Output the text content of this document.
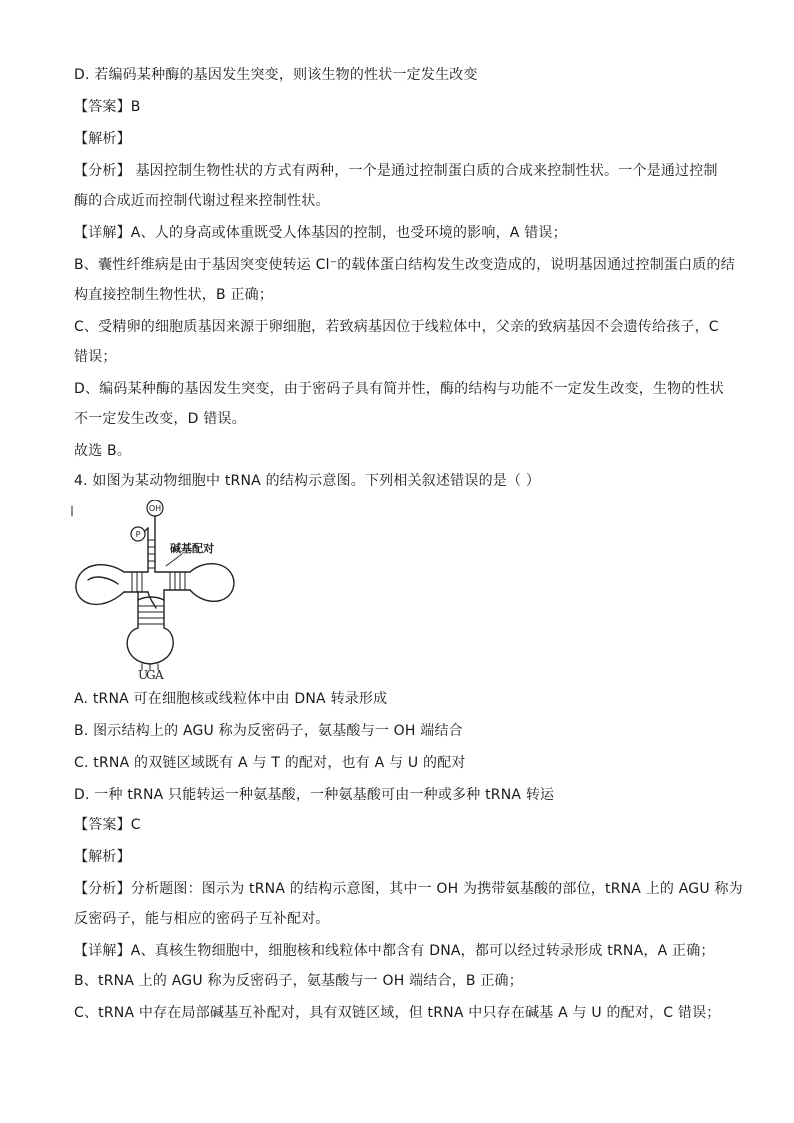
D. 若编码某种酶的基因发生突变，则该生物的性状一定发生改变
【答案】B
【解析】
【分析】 基因控制生物性状的方式有两种，一个是通过控制蛋白质的合成来控制性状。一个是通过控制
酶的合成近而控制代谢过程来控制性状。
【详解】A、人的身高或体重既受人体基因的控制，也受环境的影响，A 错误；
B、囊性纤维病是由于基因突变使转运 Cl⁻的载体蛋白结构发生改变造成的，说明基因通过控制蛋白质的结
构直接控制生物性状，B 正确；
C、受精卵的细胞质基因来源于卵细胞，若致病基因位于线粒体中，父亲的致病基因不会遗传给孩子，C
错误；
D、编码某种酶的基因发生突变，由于密码子具有简并性，酶的结构与功能不一定发生改变，生物的性状
不一定发生改变，D 错误。
故选 B。
4. 如图为某动物细胞中 tRNA 的结构示意图。下列相关叙述错误的是（ ）
OH
P
碱基配对
U
G A
A. tRNA 可在细胞核或线粒体中由 DNA 转录形成
B. 图示结构上的 AGU 称为反密码子，氨基酸与一 OH 端结合
C. tRNA 的双链区域既有 A 与 T 的配对，也有 A 与 U 的配对
D. 一种 tRNA 只能转运一种氨基酸，一种氨基酸可由一种或多种 tRNA 转运
【答案】C
【解析】
【分析】分析题图：图示为 tRNA 的结构示意图，其中一 OH 为携带氨基酸的部位，tRNA 上的 AGU 称为
反密码子，能与相应的密码子互补配对。
【详解】A、真核生物细胞中，细胞核和线粒体中都含有 DNA，都可以经过转录形成 tRNA，A 正确；
B、tRNA 上的 AGU 称为反密码子，氨基酸与一 OH 端结合，B 正确；
C、tRNA 中存在局部碱基互补配对，具有双链区域，但 tRNA 中只存在碱基 A 与 U 的配对，C 错误；
